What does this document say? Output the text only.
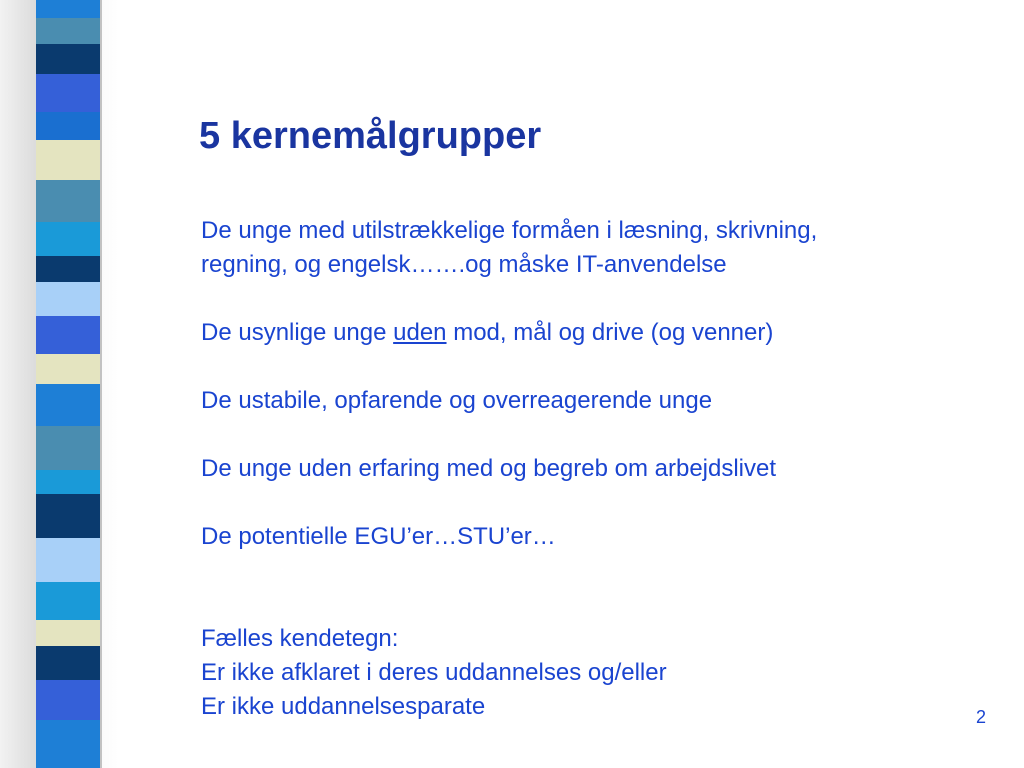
5 kernemålgrupper
De unge med utilstrækkelige formåen i læsning, skrivning,
regning, og engelsk…….og måske IT-anvendelse
De usynlige unge uden mod, mål og drive (og venner)
De ustabile, opfarende og overreagerende unge
De unge uden erfaring med og begreb om arbejdslivet
De potentielle EGU’er…STU’er…
Fælles kendetegn:
Er ikke afklaret i deres uddannelses og/eller
Er ikke uddannelsesparate	2
